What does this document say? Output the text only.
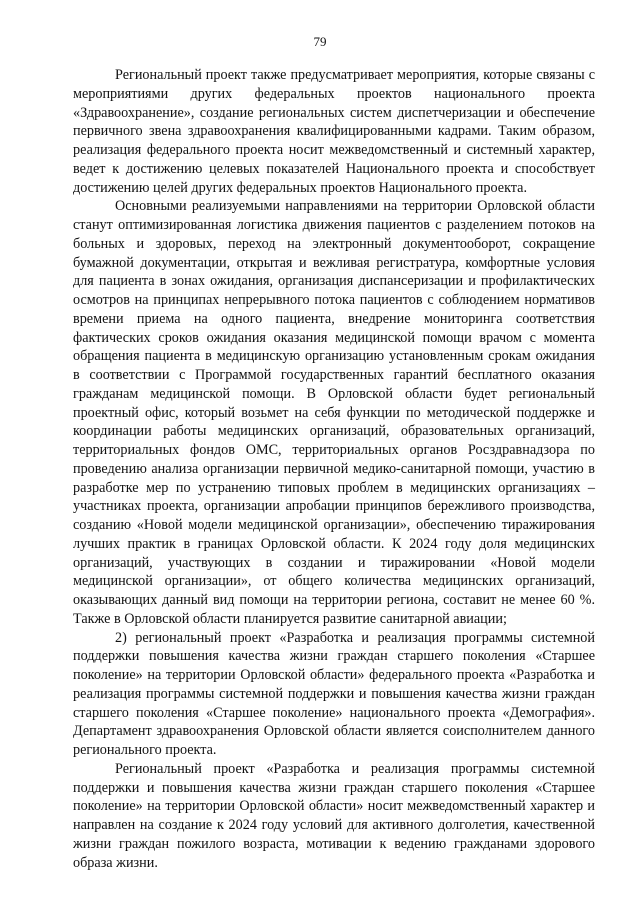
79

Региональный проект также предусматривает мероприятия, которые связаны с мероприятиями других федеральных проектов национального проекта «Здравоохранение», создание региональных систем диспетчеризации и обеспечение первичного звена здравоохранения квалифицированными кадрами. Таким образом, реализация федерального проекта носит межведомственный и системный характер, ведет к достижению целевых показателей Национального проекта и способствует достижению целей других федеральных проектов Национального проекта.

Основными реализуемыми направлениями на территории Орловской области станут оптимизированная логистика движения пациентов с разделением потоков на больных и здоровых, переход на электронный документооборот, сокращение бумажной документации, открытая и вежливая регистратура, комфортные условия для пациента в зонах ожидания, организация диспансеризации и профилактических осмотров на принципах непрерывного потока пациентов с соблюдением нормативов времени приема на одного пациента, внедрение мониторинга соответствия фактических сроков ожидания оказания медицинской помощи врачом с момента обращения пациента в медицинскую организацию установленным срокам ожидания в соответствии с Программой государственных гарантий бесплатного оказания гражданам медицинской помощи. В Орловской области будет региональный проектный офис, который возьмет на себя функции по методической поддержке и координации работы медицинских организаций, образовательных организаций, территориальных фондов ОМС, территориальных органов Росздравнадзора по проведению анализа организации первичной медико-санитарной помощи, участию в разработке мер по устранению типовых проблем в медицинских организациях – участниках проекта, организации апробации принципов бережливого производства, созданию «Новой модели медицинской организации», обеспечению тиражирования лучших практик в границах Орловской области. К 2024 году доля медицинских организаций, участвующих в создании и тиражировании «Новой модели медицинской организации», от общего количества медицинских организаций, оказывающих данный вид помощи на территории региона, составит не менее 60 %. Также в Орловской области планируется развитие санитарной авиации;

2) региональный проект «Разработка и реализация программы системной поддержки повышения качества жизни граждан старшего поколения «Старшее поколение» на территории Орловской области» федерального проекта «Разработка и реализация программы системной поддержки и повышения качества жизни граждан старшего поколения «Старшее поколение» национального проекта «Демография». Департамент здравоохранения Орловской области является соисполнителем данного регионального проекта.

Региональный проект «Разработка и реализация программы системной поддержки и повышения качества жизни граждан старшего поколения «Старшее поколение» на территории Орловской области» носит межведомственный характер и направлен на создание к 2024 году условий для активного долголетия, качественной жизни граждан пожилого возраста, мотивации к ведению гражданами здорового образа жизни.
